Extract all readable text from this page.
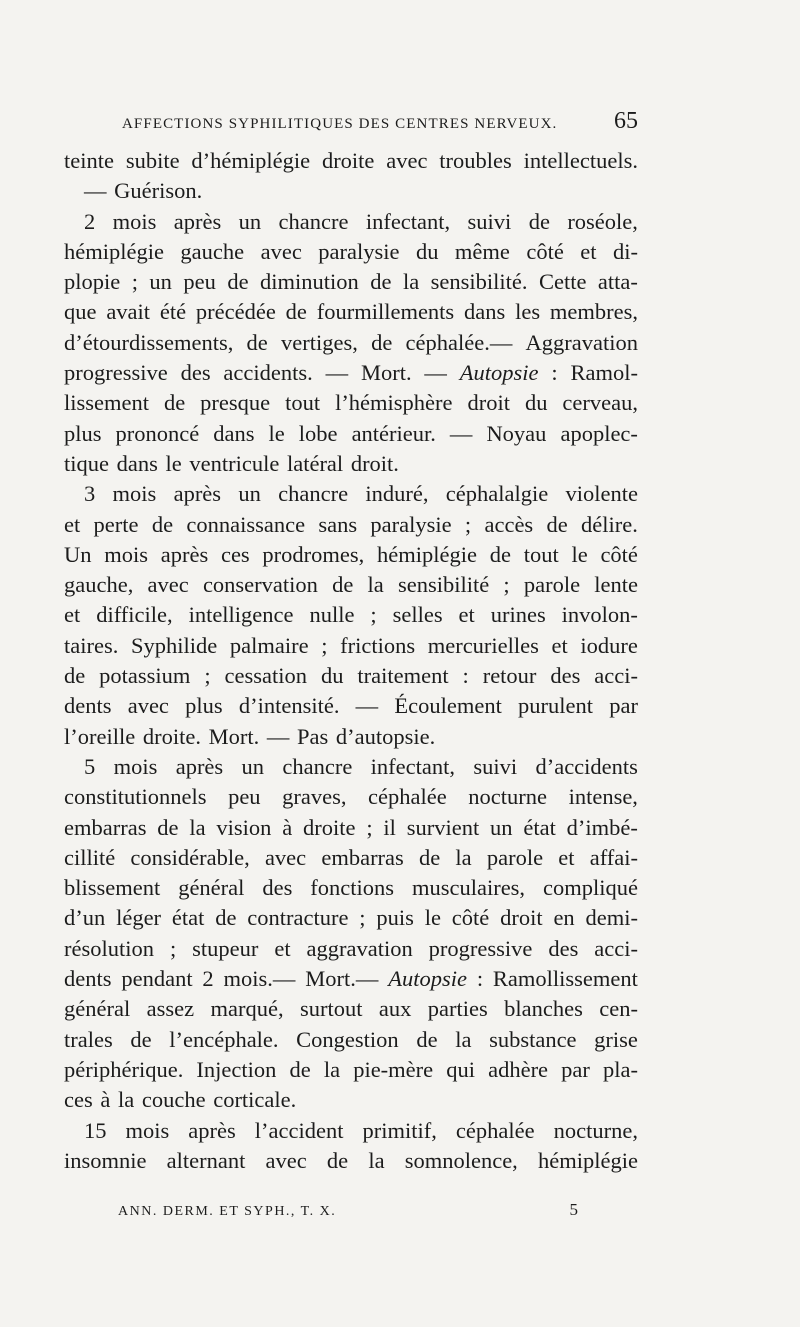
AFFECTIONS SYPHILITIQUES DES CENTRES NERVEUX. 65
teinte subite d’hémiplégie droite avec troubles intellectuels.
—
Guérison.
2 mois après un chancre infectant, suivi de roséole,
hémiplégie gauche avec paralysie du même côté et di-
plopie ; un peu de diminution de la sensibilité. Cette atta-
que avait été précédée de fourmillements dans les membres,
d’étourdissements, de vertiges, de céphalée.— Aggravation
progressive des accidents. — Mort. — Autopsie : Ramol-
lissement de presque tout l’hémisphère droit du cerveau,
plus prononcé dans le lobe antérieur. — Noyau apoplec-
tique
dans
le
ventricule
latéral
droit.
3 mois après un chancre induré, céphalalgie violente
et perte de connaissance sans paralysie ; accès de délire.
Un mois après ces prodromes, hémiplégie de tout le côté
gauche, avec conservation de la sensibilité ; parole lente
et difficile, intelligence nulle ; selles et urines involon-
taires. Syphilide palmaire ; frictions mercurielles et iodure
de potassium ; cessation du traitement : retour des acci-
dents avec plus d’intensité. — Écoulement purulent par
l’oreille
droite.
Mort.
—
Pas
d’autopsie.
5 mois après un chancre infectant, suivi d’accidents
constitutionnels peu graves, céphalée nocturne intense,
embarras de la vision à droite ; il survient un état d’imbé-
cillité considérable, avec embarras de la parole et affai-
blissement général des fonctions musculaires, compliqué
d’un léger état de contracture ; puis le côté droit en demi-
résolution ; stupeur et aggravation progressive des acci-
dents pendant 2 mois.— Mort.— Autopsie : Ramollissement
général assez marqué, surtout aux parties blanches cen-
trales de l’encéphale. Congestion de la substance grise
périphérique. Injection de la pie-mère qui adhère par pla-
ces
à
la
couche
corticale.
15 mois après l’accident primitif, céphalée nocturne,
insomnie alternant avec de la somnolence, hémiplégie
ANN. DERM. ET SYPH., T. X.	5
